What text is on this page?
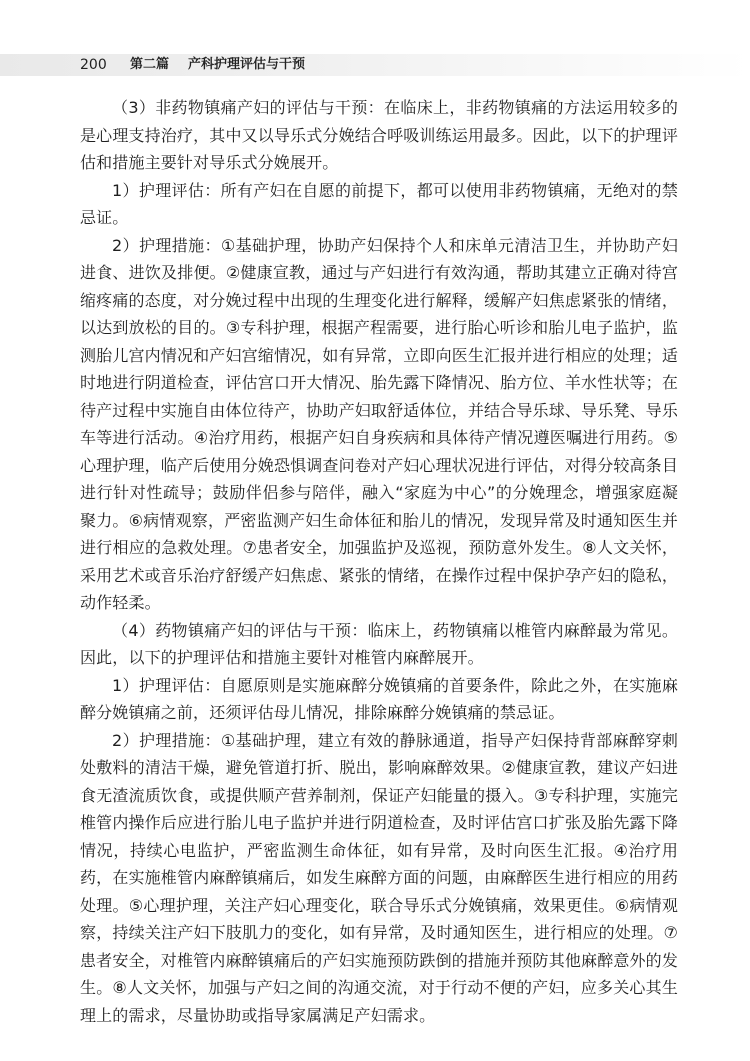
200 第二篇 产科护理评估与干预

（3）非药物镇痛产妇的评估与干预：在临床上，非药物镇痛的方法运用较多的是心理支持治疗，其中又以导乐式分娩结合呼吸训练运用最多。因此，以下的护理评估和措施主要针对导乐式分娩展开。

1）护理评估：所有产妇在自愿的前提下，都可以使用非药物镇痛，无绝对的禁忌证。

2）护理措施：①基础护理，协助产妇保持个人和床单元清洁卫生，并协助产妇进食、进饮及排便。②健康宣教，通过与产妇进行有效沟通，帮助其建立正确对待宫缩疼痛的态度，对分娩过程中出现的生理变化进行解释，缓解产妇焦虑紧张的情绪，以达到放松的目的。③专科护理，根据产程需要，进行胎心听诊和胎儿电子监护，监测胎儿宫内情况和产妇宫缩情况，如有异常，立即向医生汇报并进行相应的处理；适时地进行阴道检查，评估宫口开大情况、胎先露下降情况、胎方位、羊水性状等；在待产过程中实施自由体位待产，协助产妇取舒适体位，并结合导乐球、导乐凳、导乐车等进行活动。④治疗用药，根据产妇自身疾病和具体待产情况遵医嘱进行用药。⑤心理护理，临产后使用分娩恐惧调查问卷对产妇心理状况进行评估，对得分较高条目进行针对性疏导；鼓励伴侣参与陪伴，融入“家庭为中心”的分娩理念，增强家庭凝聚力。⑥病情观察，严密监测产妇生命体征和胎儿的情况，发现异常及时通知医生并进行相应的急救处理。⑦患者安全，加强监护及巡视，预防意外发生。⑧人文关怀，采用艺术或音乐治疗舒缓产妇焦虑、紧张的情绪，在操作过程中保护孕产妇的隐私，动作轻柔。

（4）药物镇痛产妇的评估与干预：临床上，药物镇痛以椎管内麻醉最为常见。因此，以下的护理评估和措施主要针对椎管内麻醉展开。

1）护理评估：自愿原则是实施麻醉分娩镇痛的首要条件，除此之外，在实施麻醉分娩镇痛之前，还须评估母儿情况，排除麻醉分娩镇痛的禁忌证。

2）护理措施：①基础护理，建立有效的静脉通道，指导产妇保持背部麻醉穿刺处敷料的清洁干燥，避免管道打折、脱出，影响麻醉效果。②健康宣教，建议产妇进食无渣流质饮食，或提供顺产营养制剂，保证产妇能量的摄入。③专科护理，实施完椎管内操作后应进行胎儿电子监护并进行阴道检查，及时评估宫口扩张及胎先露下降情况，持续心电监护，严密监测生命体征，如有异常，及时向医生汇报。④治疗用药，在实施椎管内麻醉镇痛后，如发生麻醉方面的问题，由麻醉医生进行相应的用药处理。⑤心理护理，关注产妇心理变化，联合导乐式分娩镇痛，效果更佳。⑥病情观察，持续关注产妇下肢肌力的变化，如有异常，及时通知医生，进行相应的处理。⑦患者安全，对椎管内麻醉镇痛后的产妇实施预防跌倒的措施并预防其他麻醉意外的发生。⑧人文关怀，加强与产妇之间的沟通交流，对于行动不便的产妇，应多关心其生理上的需求，尽量协助或指导家属满足产妇需求。
